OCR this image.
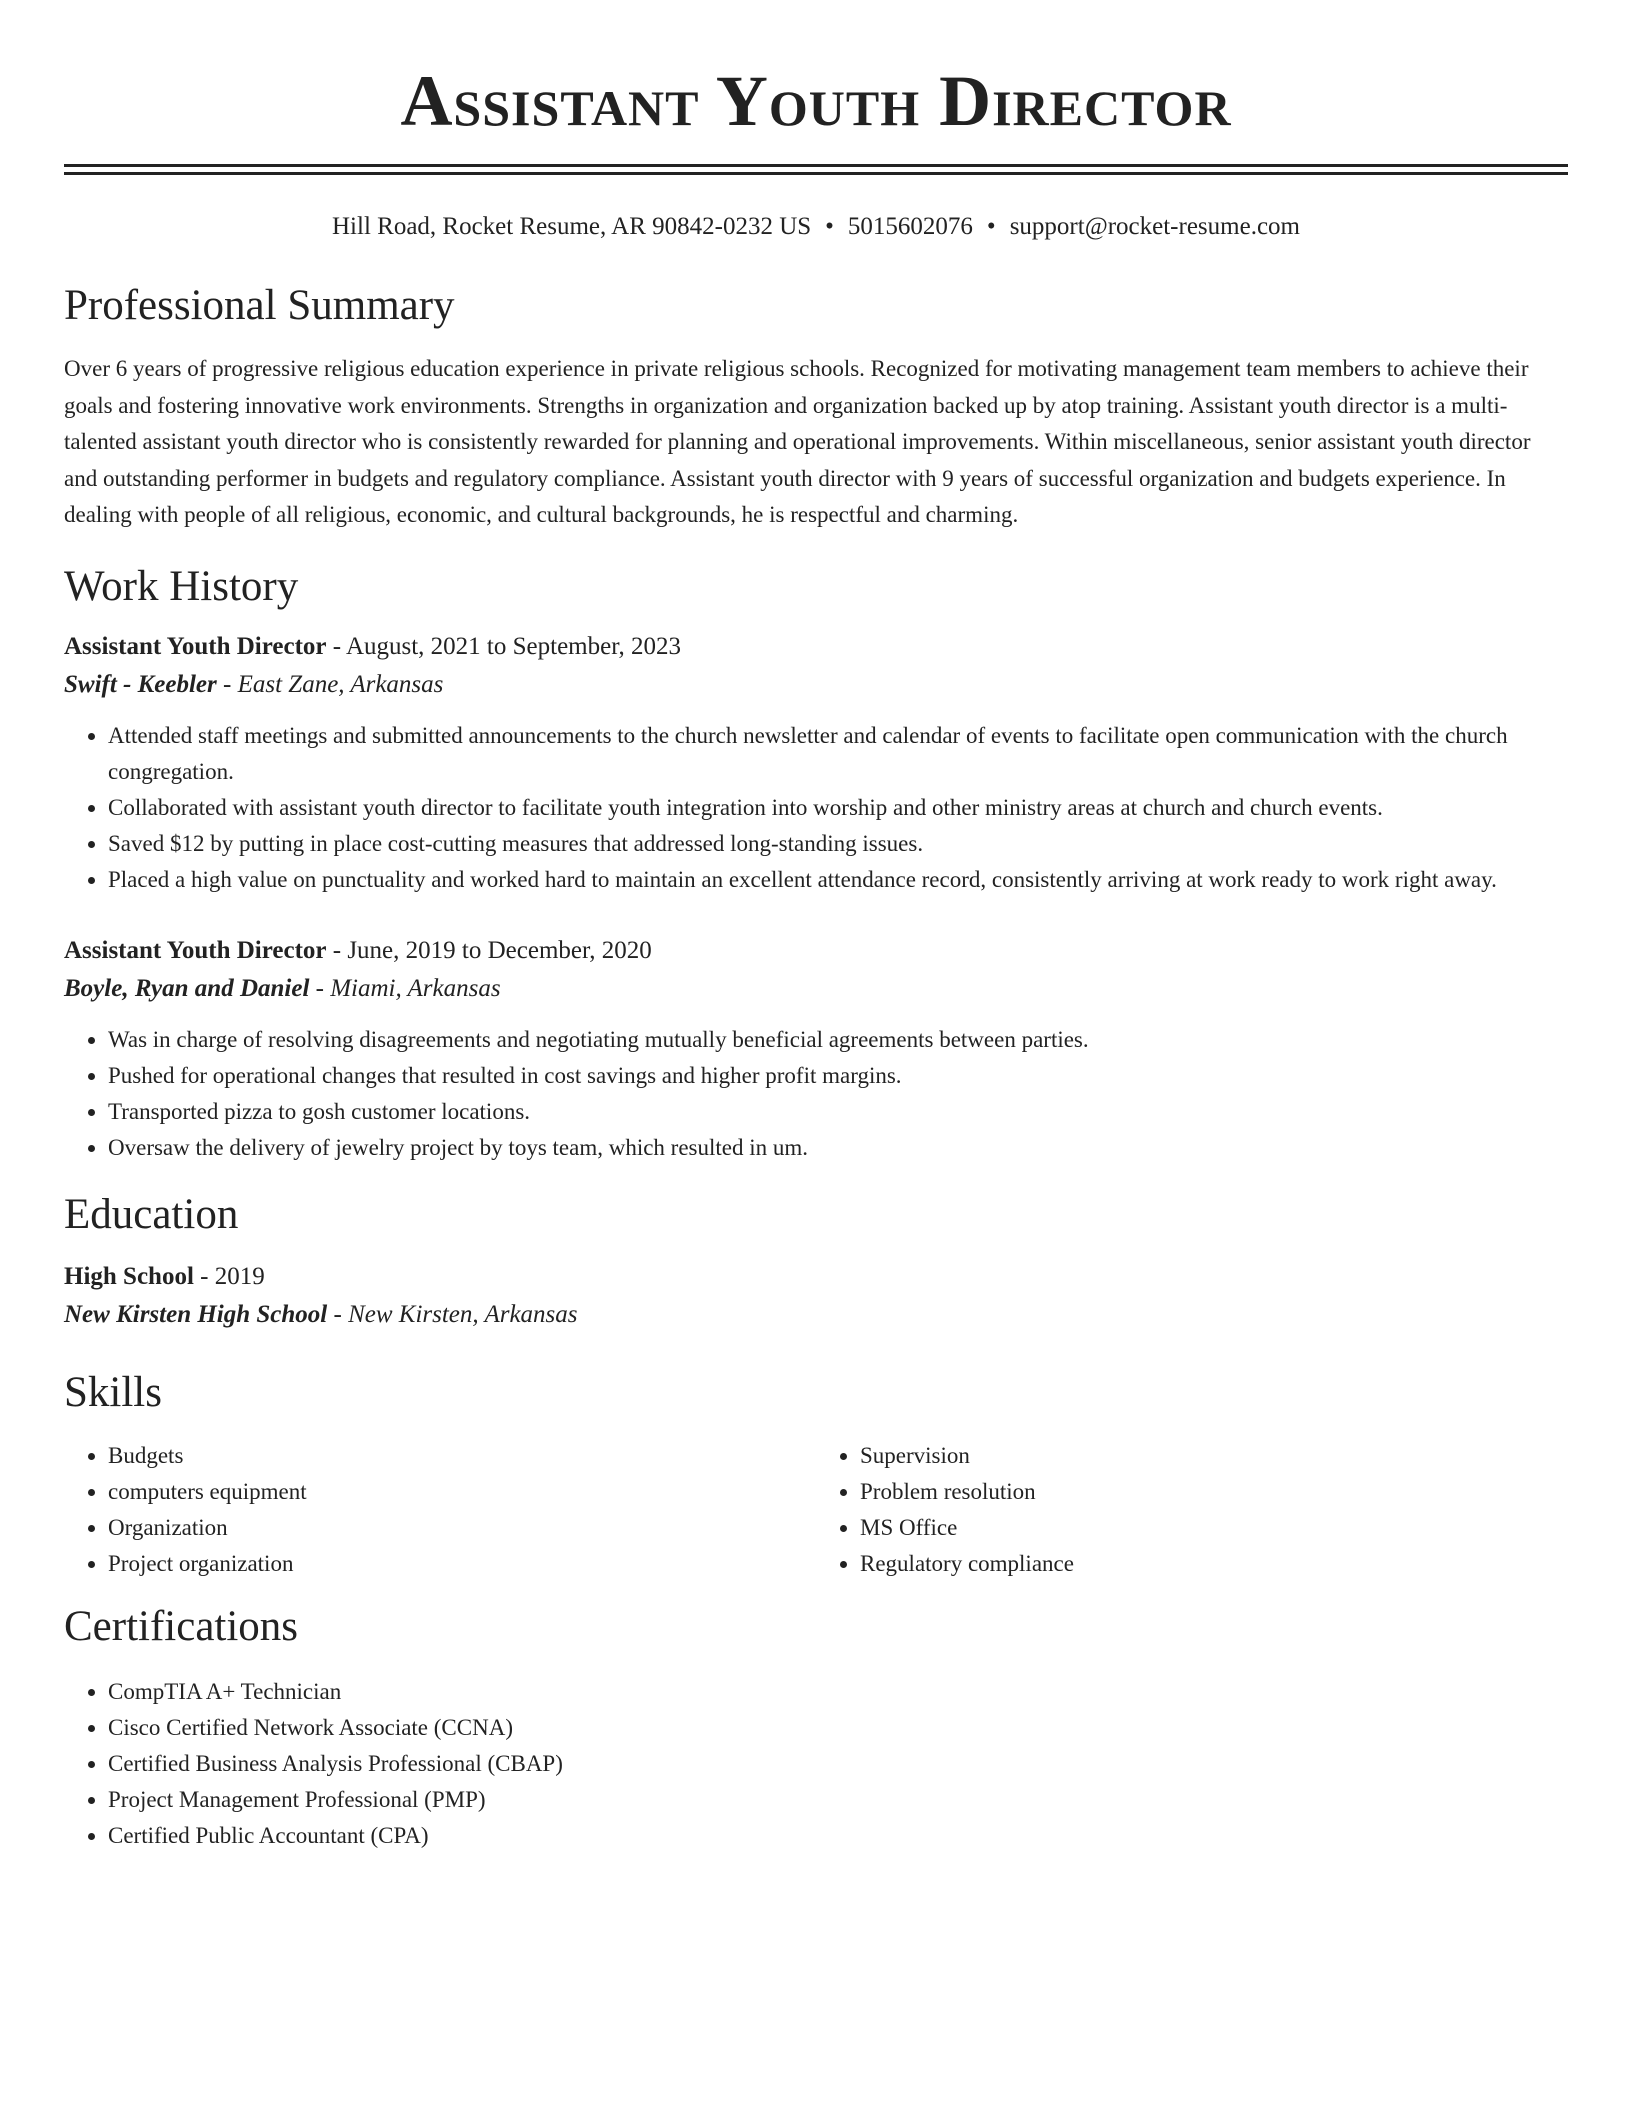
Assistant Youth Director
Hill Road, Rocket Resume, AR 90842-0232 US • 5015602076 • support@rocket-resume.com
Professional Summary
Over 6 years of progressive religious education experience in private religious schools. Recognized for motivating management team members to achieve their goals and fostering innovative work environments. Strengths in organization and organization backed up by atop training. Assistant youth director is a multi-talented assistant youth director who is consistently rewarded for planning and operational improvements. Within miscellaneous, senior assistant youth director and outstanding performer in budgets and regulatory compliance. Assistant youth director with 9 years of successful organization and budgets experience. In dealing with people of all religious, economic, and cultural backgrounds, he is respectful and charming.
Work History
Assistant Youth Director - August, 2021 to September, 2023
Swift - Keebler - East Zane, Arkansas
• Attended staff meetings and submitted announcements to the church newsletter and calendar of events to facilitate open communication with the church congregation.
• Collaborated with assistant youth director to facilitate youth integration into worship and other ministry areas at church and church events.
• Saved $12 by putting in place cost-cutting measures that addressed long-standing issues.
• Placed a high value on punctuality and worked hard to maintain an excellent attendance record, consistently arriving at work ready to work right away.
Assistant Youth Director - June, 2019 to December, 2020
Boyle, Ryan and Daniel - Miami, Arkansas
• Was in charge of resolving disagreements and negotiating mutually beneficial agreements between parties.
• Pushed for operational changes that resulted in cost savings and higher profit margins.
• Transported pizza to gosh customer locations.
• Oversaw the delivery of jewelry project by toys team, which resulted in um.
Education
High School - 2019
New Kirsten High School - New Kirsten, Arkansas
Skills
• Budgets
• computers equipment
• Organization
• Project organization
• Supervision
• Problem resolution
• MS Office
• Regulatory compliance
Certifications
• CompTIA A+ Technician
• Cisco Certified Network Associate (CCNA)
• Certified Business Analysis Professional (CBAP)
• Project Management Professional (PMP)
• Certified Public Accountant (CPA)
